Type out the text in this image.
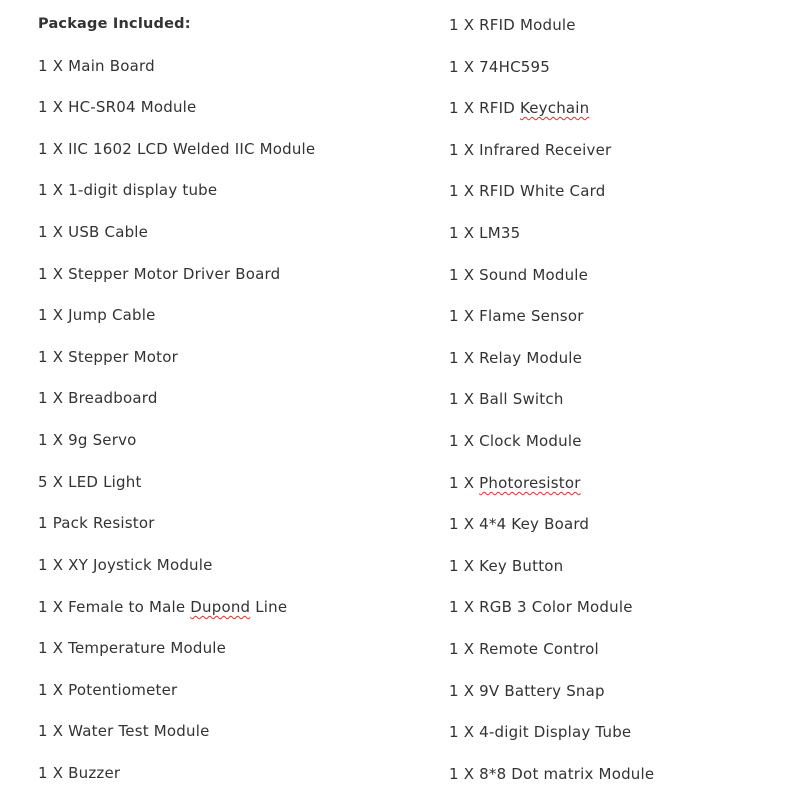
Package Included:
1 X Main Board
1 X HC-SR04 Module
1 X IIC 1602 LCD Welded IIC Module
1 X 1-digit display tube
1 X USB Cable
1 X Stepper Motor Driver Board
1 X Jump Cable
1 X Stepper Motor
1 X Breadboard
1 X 9g Servo
5 X LED Light
1 Pack Resistor
1 X XY Joystick Module
1 X Female to Male Dupond Line
1 X Temperature Module
1 X Potentiometer
1 X Water Test Module
1 X Buzzer
1 X RFID Module
1 X 74HC595
1 X RFID Keychain
1 X Infrared Receiver
1 X RFID White Card
1 X LM35
1 X Sound Module
1 X Flame Sensor
1 X Relay Module
1 X Ball Switch
1 X Clock Module
1 X Photoresistor
1 X 4*4 Key Board
1 X Key Button
1 X RGB 3 Color Module
1 X Remote Control
1 X 9V Battery Snap
1 X 4-digit Display Tube
1 X 8*8 Dot matrix Module
